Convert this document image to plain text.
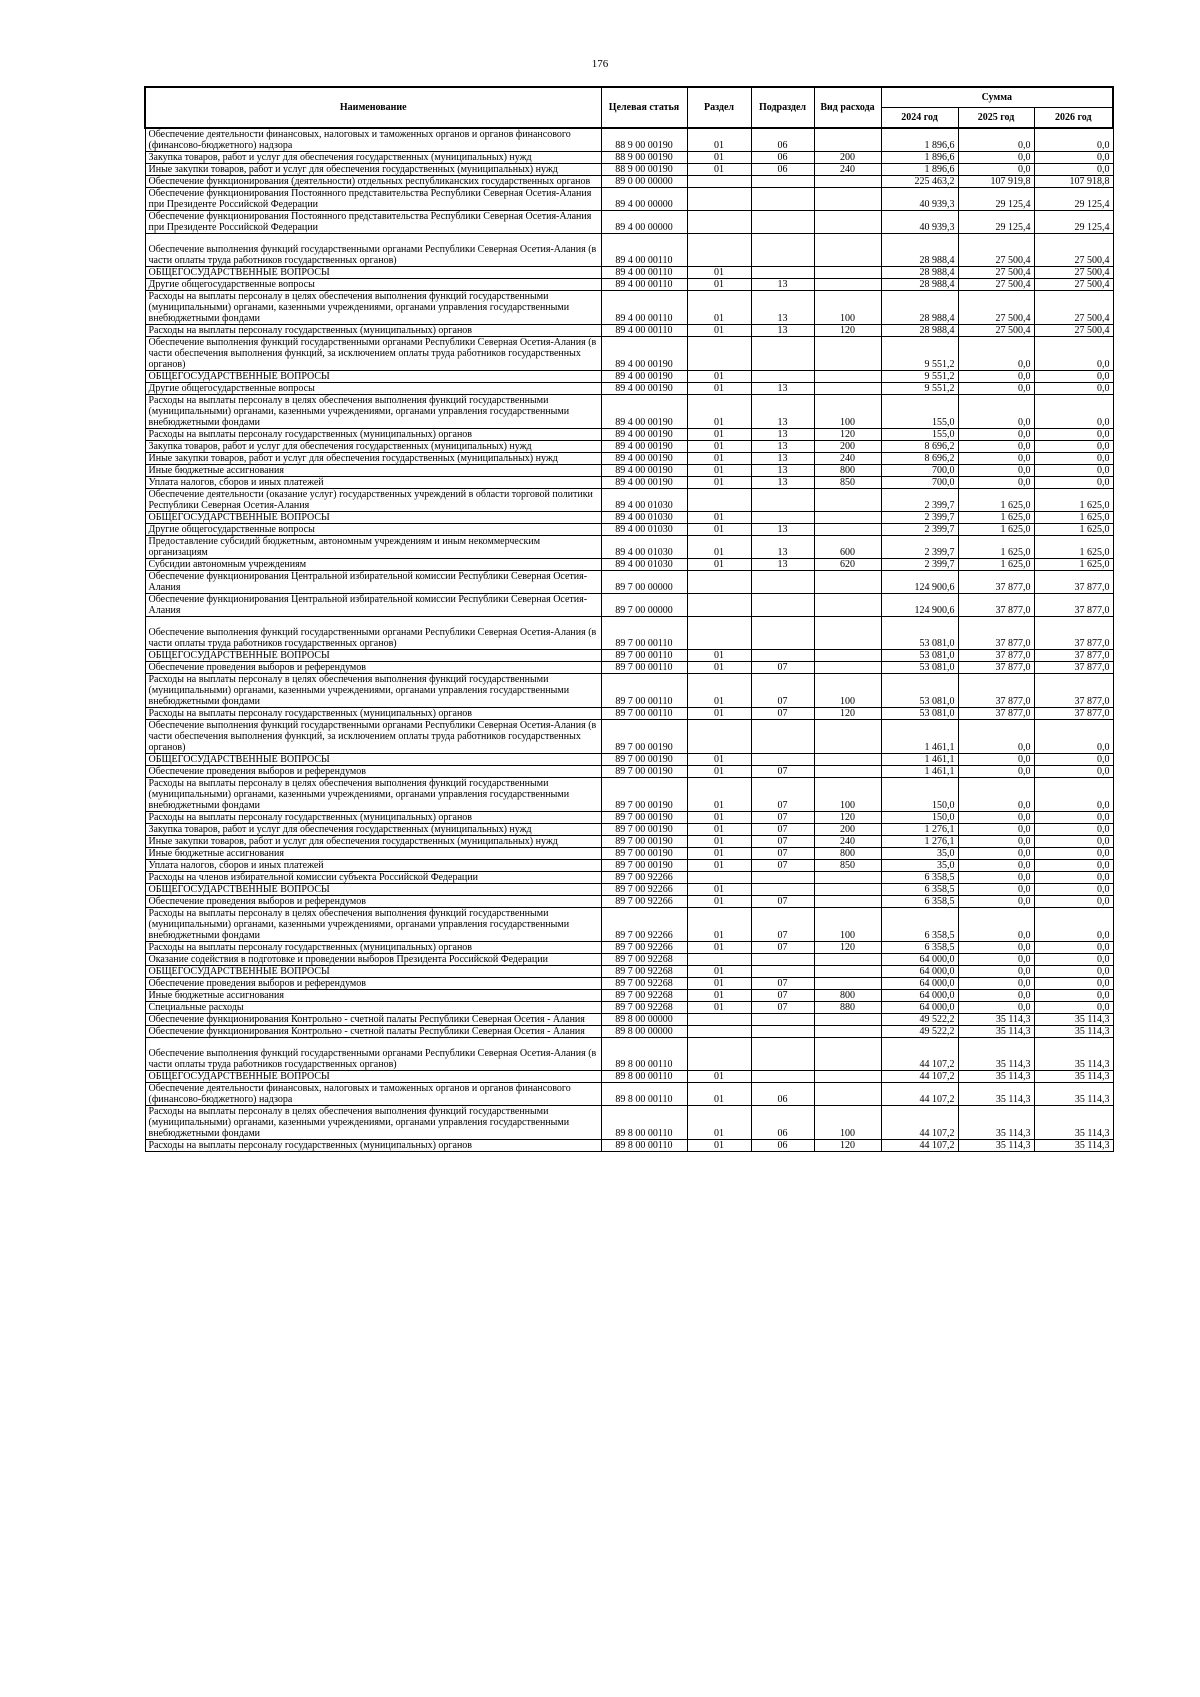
176
Наименование	Целевая статья	Раздел	Подраздел	Вид расхода	Сумма		
					2024 год	2025 год	2026 год
Обеспечение деятельности финансовых, налоговых и таможенных органов и органов финансового (финансово-бюджетного) надзора	88 9 00 00190	01	06		1 896,6	0,0	0,0
Закупка товаров, работ и услуг для обеспечения государственных (муниципальных) нужд	88 9 00 00190	01	06	200	1 896,6	0,0	0,0
Иные закупки товаров, работ и услуг для обеспечения государственных (муниципальных) нужд	88 9 00 00190	01	06	240	1 896,6	0,0	0,0
Обеспечение функционирования (деятельности) отдельных республиканских государственных органов	89 0 00 00000				225 463,2	107 919,8	107 918,8
Обеспечение функционирования Постоянного представительства Республики Северная Осетия-Алания при Президенте Российской Федерации	89 4 00 00000				40 939,3	29 125,4	29 125,4
Обеспечение функционирования Постоянного представительства Республики Северная Осетия-Алания при Президенте Российской Федерации	89 4 00 00000				40 939,3	29 125,4	29 125,4
Обеспечение выполнения функций государственными органами Республики Северная Осетия-Алания (в части оплаты труда работников государственных органов)	89 4 00 00110				28 988,4	27 500,4	27 500,4
ОБЩЕГОСУДАРСТВЕННЫЕ ВОПРОСЫ	89 4 00 00110	01			28 988,4	27 500,4	27 500,4
Другие общегосударственные вопросы	89 4 00 00110	01	13		28 988,4	27 500,4	27 500,4
Расходы на выплаты персоналу в целях обеспечения выполнения функций государственными (муниципальными) органами, казенными учреждениями, органами управления государственными внебюджетными фондами	89 4 00 00110	01	13	100	28 988,4	27 500,4	27 500,4
Расходы на выплаты персоналу государственных (муниципальных) органов	89 4 00 00110	01	13	120	28 988,4	27 500,4	27 500,4
Обеспечение выполнения функций государственными органами Республики Северная Осетия-Алания (в части обеспечения выполнения функций, за исключением оплаты труда работников государственных органов)	89 4 00 00190				9 551,2	0,0	0,0
ОБЩЕГОСУДАРСТВЕННЫЕ ВОПРОСЫ	89 4 00 00190	01			9 551,2	0,0	0,0
Другие общегосударственные вопросы	89 4 00 00190	01	13		9 551,2	0,0	0,0
Расходы на выплаты персоналу в целях обеспечения выполнения функций государственными (муниципальными) органами, казенными учреждениями, органами управления государственными внебюджетными фондами	89 4 00 00190	01	13	100	155,0	0,0	0,0
Расходы на выплаты персоналу государственных (муниципальных) органов	89 4 00 00190	01	13	120	155,0	0,0	0,0
Закупка товаров, работ и услуг для обеспечения государственных (муниципальных) нужд	89 4 00 00190	01	13	200	8 696,2	0,0	0,0
Иные закупки товаров, работ и услуг для обеспечения государственных (муниципальных) нужд	89 4 00 00190	01	13	240	8 696,2	0,0	0,0
Иные бюджетные ассигнования	89 4 00 00190	01	13	800	700,0	0,0	0,0
Уплата налогов, сборов и иных платежей	89 4 00 00190	01	13	850	700,0	0,0	0,0
Обеспечение деятельности (оказание услуг) государственных учреждений в области торговой политики Республики Северная Осетия-Алания	89 4 00 01030				2 399,7	1 625,0	1 625,0
ОБЩЕГОСУДАРСТВЕННЫЕ ВОПРОСЫ	89 4 00 01030	01			2 399,7	1 625,0	1 625,0
Другие общегосударственные вопросы	89 4 00 01030	01	13		2 399,7	1 625,0	1 625,0
Предоставление субсидий бюджетным, автономным учреждениям и иным некоммерческим организациям	89 4 00 01030	01	13	600	2 399,7	1 625,0	1 625,0
Субсидии автономным учреждениям	89 4 00 01030	01	13	620	2 399,7	1 625,0	1 625,0
Обеспечение функционирования Центральной избирательной комиссии Республики Северная Осетия-Алания	89 7 00 00000				124 900,6	37 877,0	37 877,0
Обеспечение функционирования Центральной избирательной комиссии Республики Северная Осетия-Алания	89 7 00 00000				124 900,6	37 877,0	37 877,0
Обеспечение выполнения функций государственными органами Республики Северная Осетия-Алания (в части оплаты труда работников государственных органов)	89 7 00 00110				53 081,0	37 877,0	37 877,0
ОБЩЕГОСУДАРСТВЕННЫЕ ВОПРОСЫ	89 7 00 00110	01			53 081,0	37 877,0	37 877,0
Обеспечение проведения выборов и референдумов	89 7 00 00110	01	07		53 081,0	37 877,0	37 877,0
Расходы на выплаты персоналу в целях обеспечения выполнения функций государственными (муниципальными) органами, казенными учреждениями, органами управления государственными внебюджетными фондами	89 7 00 00110	01	07	100	53 081,0	37 877,0	37 877,0
Расходы на выплаты персоналу государственных (муниципальных) органов	89 7 00 00110	01	07	120	53 081,0	37 877,0	37 877,0
Обеспечение выполнения функций государственными органами Республики Северная Осетия-Алания (в части обеспечения выполнения функций, за исключением оплаты труда работников государственных органов)	89 7 00 00190				1 461,1	0,0	0,0
ОБЩЕГОСУДАРСТВЕННЫЕ ВОПРОСЫ	89 7 00 00190	01			1 461,1	0,0	0,0
Обеспечение проведения выборов и референдумов	89 7 00 00190	01	07		1 461,1	0,0	0,0
Расходы на выплаты персоналу в целях обеспечения выполнения функций государственными (муниципальными) органами, казенными учреждениями, органами управления государственными внебюджетными фондами	89 7 00 00190	01	07	100	150,0	0,0	0,0
Расходы на выплаты персоналу государственных (муниципальных) органов	89 7 00 00190	01	07	120	150,0	0,0	0,0
Закупка товаров, работ и услуг для обеспечения государственных (муниципальных) нужд	89 7 00 00190	01	07	200	1 276,1	0,0	0,0
Иные закупки товаров, работ и услуг для обеспечения государственных (муниципальных) нужд	89 7 00 00190	01	07	240	1 276,1	0,0	0,0
Иные бюджетные ассигнования	89 7 00 00190	01	07	800	35,0	0,0	0,0
Уплата налогов, сборов и иных платежей	89 7 00 00190	01	07	850	35,0	0,0	0,0
Расходы на членов избирательной комиссии субъекта Российской Федерации	89 7 00 92266				6 358,5	0,0	0,0
ОБЩЕГОСУДАРСТВЕННЫЕ ВОПРОСЫ	89 7 00 92266	01			6 358,5	0,0	0,0
Обеспечение проведения выборов и референдумов	89 7 00 92266	01	07		6 358,5	0,0	0,0
Расходы на выплаты персоналу в целях обеспечения выполнения функций государственными (муниципальными) органами, казенными учреждениями, органами управления государственными внебюджетными фондами	89 7 00 92266	01	07	100	6 358,5	0,0	0,0
Расходы на выплаты персоналу государственных (муниципальных) органов	89 7 00 92266	01	07	120	6 358,5	0,0	0,0
Оказание содействия в подготовке и проведении выборов Президента Российской Федерации	89 7 00 92268				64 000,0	0,0	0,0
ОБЩЕГОСУДАРСТВЕННЫЕ ВОПРОСЫ	89 7 00 92268	01			64 000,0	0,0	0,0
Обеспечение проведения выборов и референдумов	89 7 00 92268	01	07		64 000,0	0,0	0,0
Иные бюджетные ассигнования	89 7 00 92268	01	07	800	64 000,0	0,0	0,0
Специальные расходы	89 7 00 92268	01	07	880	64 000,0	0,0	0,0
Обеспечение функционирования Контрольно - счетной палаты Республики Северная Осетия - Алания	89 8 00 00000				49 522,2	35 114,3	35 114,3
Обеспечение функционирования Контрольно - счетной палаты Республики Северная Осетия - Алания	89 8 00 00000				49 522,2	35 114,3	35 114,3
Обеспечение выполнения функций государственными органами Республики Северная Осетия-Алания (в части оплаты труда работников государственных органов)	89 8 00 00110				44 107,2	35 114,3	35 114,3
ОБЩЕГОСУДАРСТВЕННЫЕ ВОПРОСЫ	89 8 00 00110	01			44 107,2	35 114,3	35 114,3
Обеспечение деятельности финансовых, налоговых и таможенных органов и органов финансового (финансово-бюджетного) надзора	89 8 00 00110	01	06		44 107,2	35 114,3	35 114,3
Расходы на выплаты персоналу в целях обеспечения выполнения функций государственными (муниципальными) органами, казенными учреждениями, органами управления государственными внебюджетными фондами	89 8 00 00110	01	06	100	44 107,2	35 114,3	35 114,3
Расходы на выплаты персоналу государственных (муниципальных) органов	89 8 00 00110	01	06	120	44 107,2	35 114,3	35 114,3
